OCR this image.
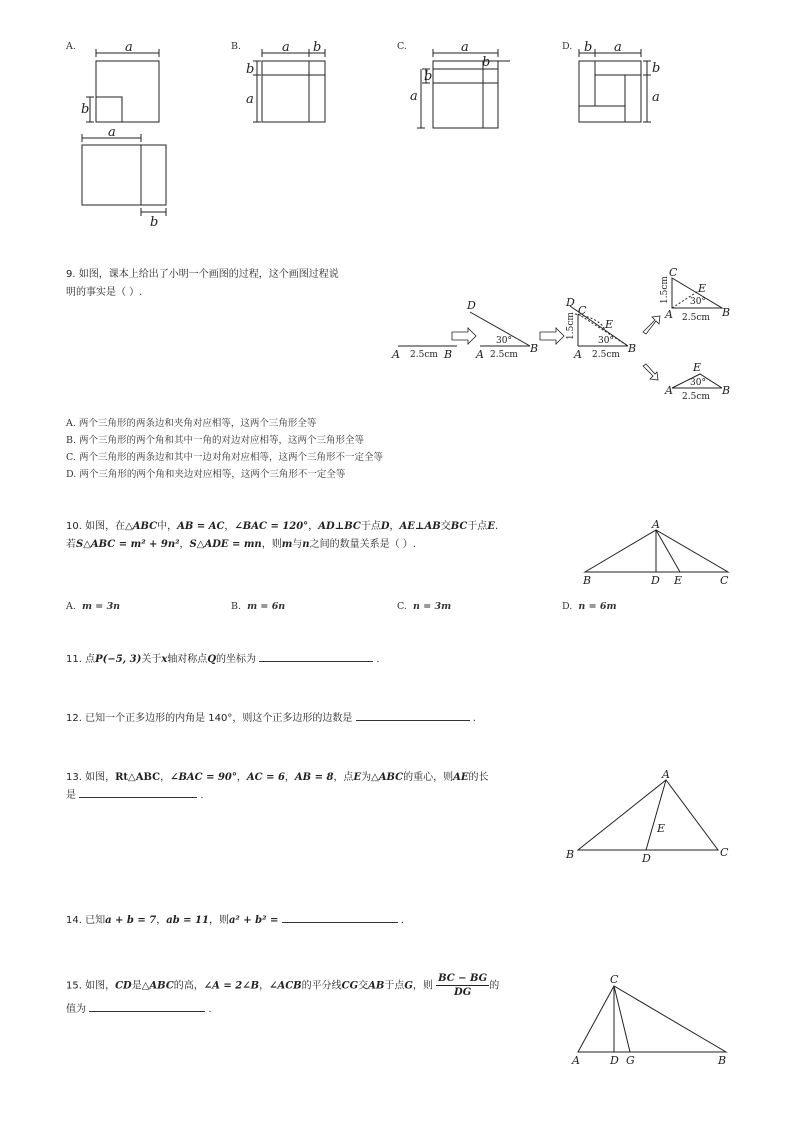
A.	a
b
a
b
a b
b
a
a
b
b
a
b a
b
a
B.	C.	D.
9. 如图，课本上给出了小明一个画图的过程，这个画图过程说
明的事实是（ ）.
A	B
2.5cm
D
A	B
30°
2.5cm
D
C
E
A	B
30°
2.5cm
1.5cm
C
E
A	B
30°
2.5cm
1.5cm
E
A	B
30°
2.5cm
A. 两个三角形的两条边和夹角对应相等，这两个三角形全等
B. 两个三角形的两个角和其中一角的对边对应相等，这两个三角形全等
C. 两个三角形的两条边和其中一边对角对应相等，这两个三角形不一定全等
D. 两个三角形的两个角和夹边对应相等，这两个三角形不一定全等
10. 如图，在△ABC中，AB = AC，∠BAC = 120°，AD⊥BC于点D，AE⊥AB交BC于点E.
若S△ABC = m² + 9n²，S△ADE = mn，则m与n之间的数量关系是（ ）.
A
B	D E	C
A. m = 3n	B. m = 6n	C. n = 3m	D. n = 6m
11. 点P(−5, 3)关于x轴对称点Q的坐标为	.
12. 已知一个正多边形的内角是 140°，则这个正多边形的边数是	.
13. 如图，Rt△ABC，∠BAC = 90°，AC = 6，AB = 8，点E为△ABC的重心，则AE的长
是	.
A
B	C
D
E
14. 已知a + b = 7，ab = 11，则a² + b² =	.
15. 如图，CD是△ABC的高，∠A = 2∠B，∠ACB的平分线CG交AB于点G，则 $\frac{BC - BG}{DG}$ 的
值为	.
C
A	D G	B
